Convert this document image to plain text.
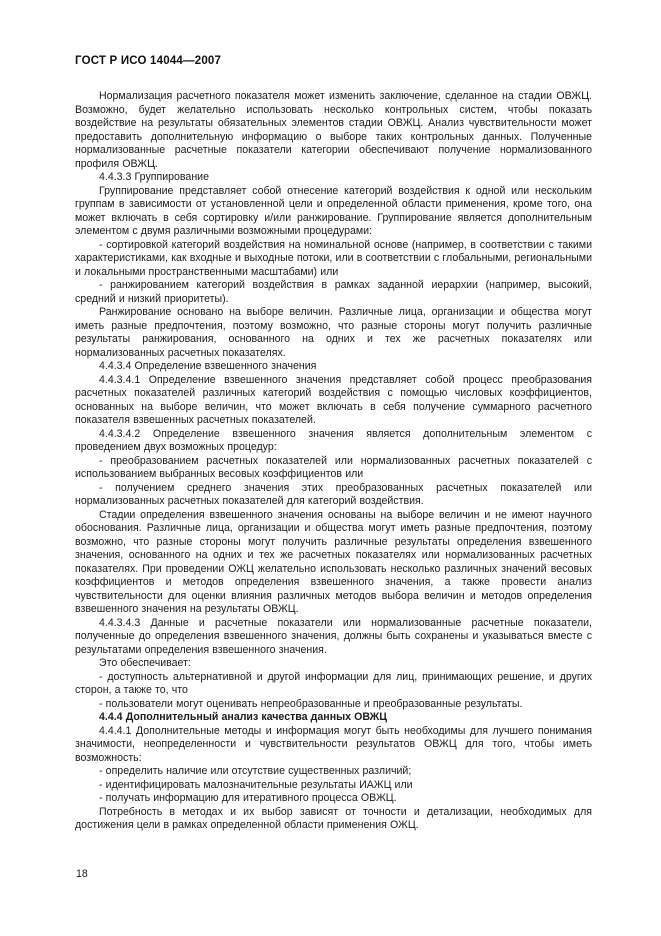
ГОСТ Р ИСО 14044—2007

Нормализация расчетного показателя может изменить заключение, сделанное на стадии ОВЖЦ. Возможно, будет желательно использовать несколько контрольных систем, чтобы показать воздействие на результаты обязательных элементов стадии ОВЖЦ. Анализ чувствительности может предоставить дополнительную информацию о выборе таких контрольных данных. Полученные нормализованные расчетные показатели категории обеспечивают получение нормализованного профиля ОВЖЦ.

4.4.3.3 Группирование

Группирование представляет собой отнесение категорий воздействия к одной или нескольким группам в зависимости от установленной цели и определенной области применения, кроме того, она может включать в себя сортировку и/или ранжирование. Группирование является дополнительным элементом с двумя различными возможными процедурами:

- сортировкой категорий воздействия на номинальной основе (например, в соответствии с такими характеристиками, как входные и выходные потоки, или в соответствии с глобальными, региональными и локальными пространственными масштабами) или

- ранжированием категорий воздействия в рамках заданной иерархии (например, высокий, средний и низкий приоритеты).

Ранжирование основано на выборе величин. Различные лица, организации и общества могут иметь разные предпочтения, поэтому возможно, что разные стороны могут получить различные результаты ранжирования, основанного на одних и тех же расчетных показателях или нормализованных расчетных показателях.

4.4.3.4 Определение взвешенного значения

4.4.3.4.1 Определение взвешенного значения представляет собой процесс преобразования расчетных показателей различных категорий воздействия с помощью числовых коэффициентов, основанных на выборе величин, что может включать в себя получение суммарного расчетного показателя взвешенных расчетных показателей.

4.4.3.4.2 Определение взвешенного значения является дополнительным элементом с проведением двух возможных процедур:

- преобразованием расчетных показателей или нормализованных расчетных показателей с использованием выбранных весовых коэффициентов или

- получением среднего значения этих преобразованных расчетных показателей или нормализованных расчетных показателей для категорий воздействия.

Стадии определения взвешенного значения основаны на выборе величин и не имеют научного обоснования. Различные лица, организации и общества могут иметь разные предпочтения, поэтому возможно, что разные стороны могут получить различные результаты определения взвешенного значения, основанного на одних и тех же расчетных показателях или нормализованных расчетных показателях. При проведении ОЖЦ желательно использовать несколько различных значений весовых коэффициентов и методов определения взвешенного значения, а также провести анализ чувствительности для оценки влияния различных методов выбора величин и методов определения взвешенного значения на результаты ОВЖЦ.

4.4.3.4.3 Данные и расчетные показатели или нормализованные расчетные показатели, полученные до определения взвешенного значения, должны быть сохранены и указываться вместе с результатами определения взвешенного значения.

Это обеспечивает:

- доступность альтернативной и другой информации для лиц, принимающих решение, и других сторон, а также то, что

- пользователи могут оценивать непреобразованные и преобразованные результаты.

4.4.4 Дополнительный анализ качества данных ОВЖЦ

4.4.4.1 Дополнительные методы и информация могут быть необходимы для лучшего понимания значимости, неопределенности и чувствительности результатов ОВЖЦ для того, чтобы иметь возможность:

- определить наличие или отсутствие существенных различий;

- идентифицировать малозначительные результаты ИАЖЦ или

- получать информацию для итеративного процесса ОВЖЦ.

Потребность в методах и их выбор зависят от точности и детализации, необходимых для достижения цели в рамках определенной области применения ОЖЦ.

18
